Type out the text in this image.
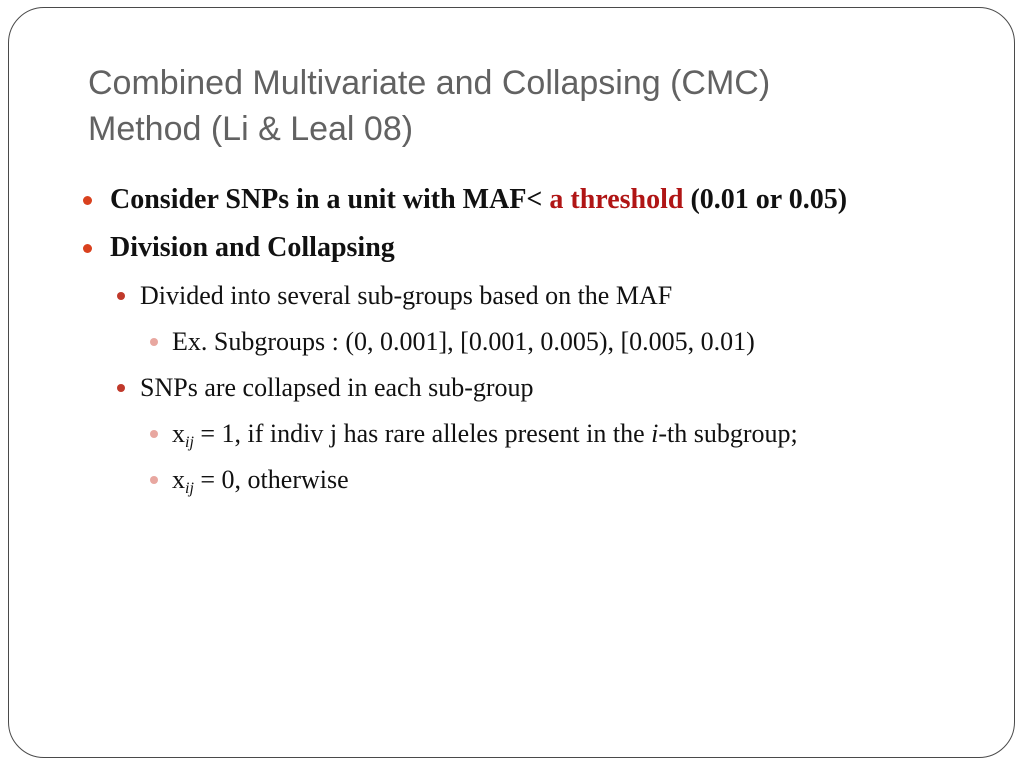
Combined Multivariate and Collapsing (CMC)
Method (Li & Leal 08)
Consider SNPs in a unit with MAF< a threshold (0.01 or 0.05)
Division and Collapsing
Divided into several sub-groups based on the MAF
Ex. Subgroups : (0, 0.001], [0.001, 0.005), [0.005, 0.01)
SNPs are collapsed in each sub-group
$x_{ij} = 1$, if indiv j has rare alleles present in the i-th subgroup;
$x_{ij} = 0$, otherwise
